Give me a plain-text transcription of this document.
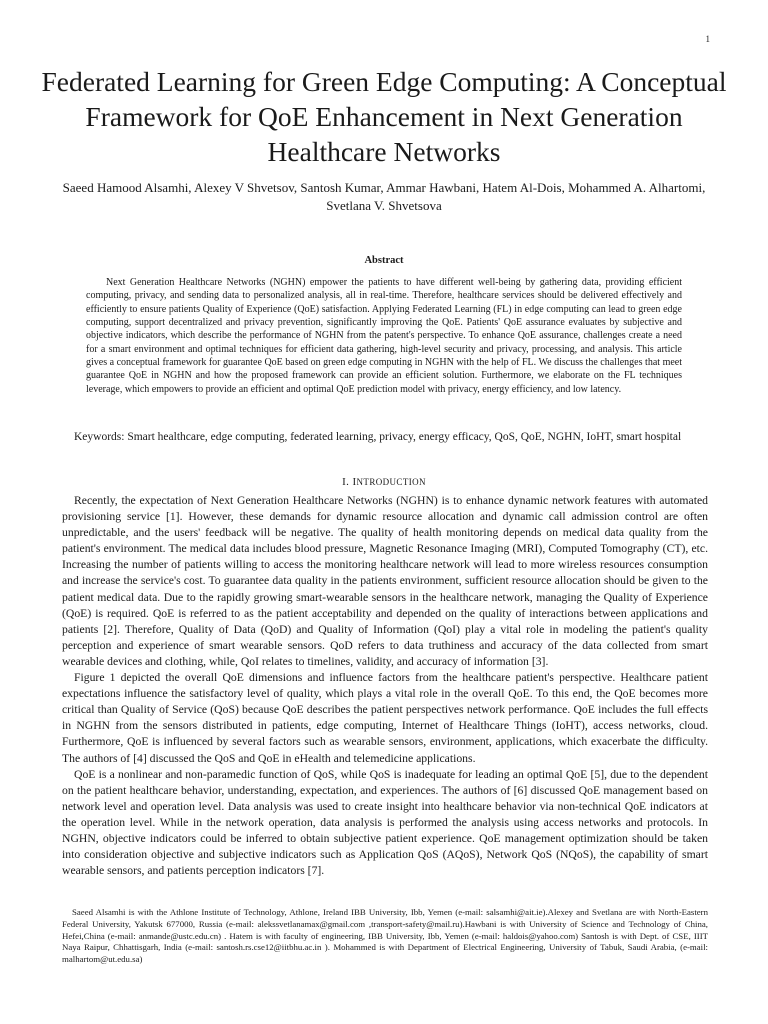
1
Federated Learning for Green Edge Computing: A Conceptual Framework for QoE Enhancement in Next Generation Healthcare Networks
Saeed Hamood Alsamhi, Alexey V Shvetsov, Santosh Kumar, Ammar Hawbani, Hatem Al-Dois, Mohammed A. Alhartomi, Svetlana V. Shvetsova
Abstract

Next Generation Healthcare Networks (NGHN) empower the patients to have different well-being by gathering data, providing efficient computing, privacy, and sending data to personalized analysis, all in real-time. Therefore, healthcare services should be delivered effectively and efficiently to ensure patients Quality of Experience (QoE) satisfaction. Applying Federated Learning (FL) in edge computing can lead to green edge computing, support decentralized and privacy prevention, significantly improving the QoE. Patients' QoE assurance evaluates by subjective and objective indicators, which describe the performance of NGHN from the patent's perspective. To enhance QoE assurance, challenges create a need for a smart environment and optimal techniques for efficient data gathering, high-level security and privacy, processing, and analysis. This article gives a conceptual framework for guarantee QoE based on green edge computing in NGHN with the help of FL. We discuss the challenges that meet guarantee QoE in NGHN and how the proposed framework can provide an efficient solution. Furthermore, we elaborate on the FL techniques leverage, which empowers to provide an efficient and optimal QoE prediction model with privacy, energy efficiency, and low latency.

Keywords: Smart healthcare, edge computing, federated learning, privacy, energy efficacy, QoS, QoE, NGHN, IoHT, smart hospital

I. INTRODUCTION

Recently, the expectation of Next Generation Healthcare Networks (NGHN) is to enhance dynamic network features with automated provisioning service [1]. However, these demands for dynamic resource allocation and dynamic call admission control are often unpredictable, and the users' feedback will be negative. The quality of health monitoring depends on medical data quality from the patient's environment. The medical data includes blood pressure, Magnetic Resonance Imaging (MRI), Computed Tomography (CT), etc. Increasing the number of patients willing to access the monitoring healthcare network will lead to more wireless resources consumption and increase the service's cost. To guarantee data quality in the patients environment, sufficient resource allocation should be given to the patient medical data. Due to the rapidly growing smart-wearable sensors in the healthcare network, managing the Quality of Experience (QoE) is required. QoE is referred to as the patient acceptability and depended on the quality of interactions between applications and patients [2]. Therefore, Quality of Data (QoD) and Quality of Information (QoI) play a vital role in modeling the patient's quality perception and experience of smart wearable sensors. QoD refers to data truthiness and accuracy of the data collected from smart wearable devices and clothing, while, QoI relates to timelines, validity, and accuracy of information [3].

Figure 1 depicted the overall QoE dimensions and influence factors from the healthcare patient's perspective. Healthcare patient expectations influence the satisfactory level of quality, which plays a vital role in the overall QoE. To this end, the QoE becomes more critical than Quality of Service (QoS) because QoE describes the patient perspectives network performance. QoE includes the full effects in NGHN from the sensors distributed in patients, edge computing, Internet of Healthcare Things (IoHT), access networks, cloud. Furthermore, QoE is influenced by several factors such as wearable sensors, environment, applications, which exacerbate the difficulty. The authors of [4] discussed the QoS and QoE in eHealth and telemedicine applications.

QoE is a nonlinear and non-paramedic function of QoS, while QoS is inadequate for leading an optimal QoE [5], due to the dependent on the patient healthcare behavior, understanding, expectation, and experiences. The authors of [6] discussed QoE management based on network level and operation level. Data analysis was used to create insight into healthcare behavior via non-technical QoE indicators at the operation level. While in the network operation, data analysis is performed the analysis using access networks and protocols. In NGHN, objective indicators could be inferred to obtain subjective patient experience. QoE management optimization should be taken into consideration objective and subjective indicators such as Application QoS (AQoS), Network QoS (NQoS), the capability of smart wearable sensors, and patients perception indicators [7].

Saeed Alsamhi is with the Athlone Institute of Technology, Athlone, Ireland IBB University, Ibb, Yemen (e-mail: salsamhi@ait.ie).Alexey and Svetlana are with North-Eastern Federal University, Yakutsk 677000, Russia (e-mail: alekssvetlanamax@gmail.com ,transport-safety@mail.ru).Hawbani is with University of Science and Technology of China, Hefei,China (e-mail: anmande@ustc.edu.cn) . Hatem is with faculty of engineering, IBB University, Ibb, Yemen (e-mail: haldois@yahoo.com) Santosh is with Dept. of CSE, IIIT Naya Raipur, Chhattisgarh, India (e-mail: santosh.rs.cse12@iitbhu.ac.in ). Mohammed is with Department of Electrical Engineering, University of Tabuk, Saudi Arabia, (e-mail: malhartom@ut.edu.sa)
